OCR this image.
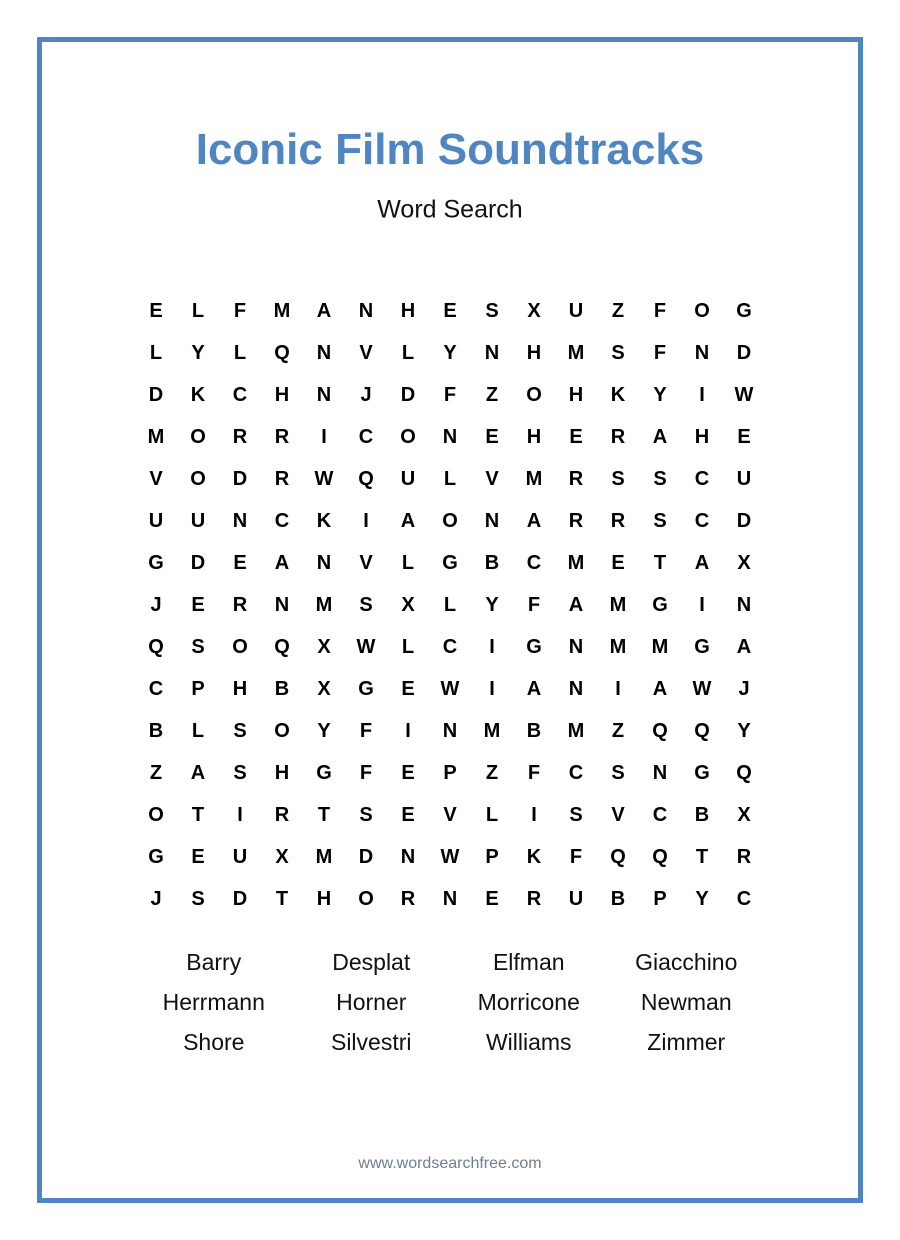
Iconic Film Soundtracks
Word Search
E	L	F	M	A	N	H	E	S	X	U	Z	F	O	G
L	Y	L	Q	N	V	L	Y	N	H	M	S	F	N	D
D	K	C	H	N	J	D	F	Z	O	H	K	Y	I	W
M	O	R	R	I	C	O	N	E	H	E	R	A	H	E
V	O	D	R	W	Q	U	L	V	M	R	S	S	C	U
U	U	N	C	K	I	A	O	N	A	R	R	S	C	D
G	D	E	A	N	V	L	G	B	C	M	E	T	A	X
J	E	R	N	M	S	X	L	Y	F	A	M	G	I	N
Q	S	O	Q	X	W	L	C	I	G	N	M	M	G	A
C	P	H	B	X	G	E	W	I	A	N	I	A	W	J
B	L	S	O	Y	F	I	N	M	B	M	Z	Q	Q	Y
Z	A	S	H	G	F	E	P	Z	F	C	S	N	G	Q
O	T	I	R	T	S	E	V	L	I	S	V	C	B	X
G	E	U	X	M	D	N	W	P	K	F	Q	Q	T	R
J	S	D	T	H	O	R	N	E	R	U	B	P	Y	C
Barry	Desplat	Elfman	Giacchino
Herrmann	Horner	Morricone	Newman
Shore	Silvestri	Williams	Zimmer
www.wordsearchfree.com
